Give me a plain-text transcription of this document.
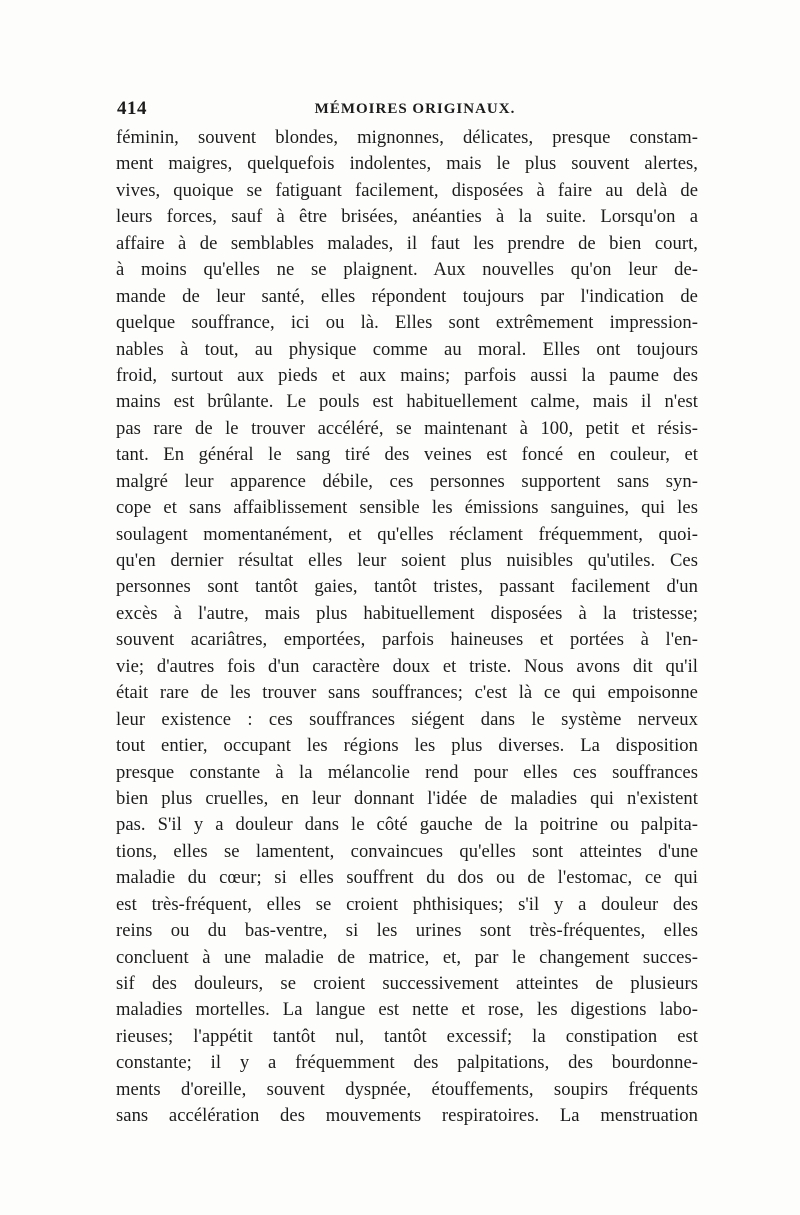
414	MÉMOIRES ORIGINAUX.
féminin, souvent blondes, mignonnes, délicates, presque constam-
ment maigres, quelquefois indolentes, mais le plus souvent alertes,
vives, quoique se fatiguant facilement, disposées à faire au delà de
leurs forces, sauf à être brisées, anéanties à la suite. Lorsqu'on a
affaire à de semblables malades, il faut les prendre de bien court,
à moins qu'elles ne se plaignent. Aux nouvelles qu'on leur de-
mande de leur santé, elles répondent toujours par l'indication de
quelque souffrance, ici ou là. Elles sont extrêmement impression-
nables à tout, au physique comme au moral. Elles ont toujours
froid, surtout aux pieds et aux mains; parfois aussi la paume des
mains est brûlante. Le pouls est habituellement calme, mais il n'est
pas rare de le trouver accéléré, se maintenant à 100, petit et résis-
tant. En général le sang tiré des veines est foncé en couleur, et
malgré leur apparence débile, ces personnes supportent sans syn-
cope et sans affaiblissement sensible les émissions sanguines, qui les
soulagent momentanément, et qu'elles réclament fréquemment, quoi-
qu'en dernier résultat elles leur soient plus nuisibles qu'utiles. Ces
personnes sont tantôt gaies, tantôt tristes, passant facilement d'un
excès à l'autre, mais plus habituellement disposées à la tristesse;
souvent acariâtres, emportées, parfois haineuses et portées à l'en-
vie; d'autres fois d'un caractère doux et triste. Nous avons dit qu'il
était rare de les trouver sans souffrances; c'est là ce qui empoisonne
leur existence : ces souffrances siégent dans le système nerveux
tout entier, occupant les régions les plus diverses. La disposition
presque constante à la mélancolie rend pour elles ces souffrances
bien plus cruelles, en leur donnant l'idée de maladies qui n'existent
pas. S'il y a douleur dans le côté gauche de la poitrine ou palpita-
tions, elles se lamentent, convaincues qu'elles sont atteintes d'une
maladie du cœur; si elles souffrent du dos ou de l'estomac, ce qui
est très-fréquent, elles se croient phthisiques; s'il y a douleur des
reins ou du bas-ventre, si les urines sont très-fréquentes, elles
concluent à une maladie de matrice, et, par le changement succes-
sif des douleurs, se croient successivement atteintes de plusieurs
maladies mortelles. La langue est nette et rose, les digestions labo-
rieuses; l'appétit tantôt nul, tantôt excessif; la constipation est
constante; il y a fréquemment des palpitations, des bourdonne-
ments d'oreille, souvent dyspnée, étouffements, soupirs fréquents
sans accélération des mouvements respiratoires. La menstruation
